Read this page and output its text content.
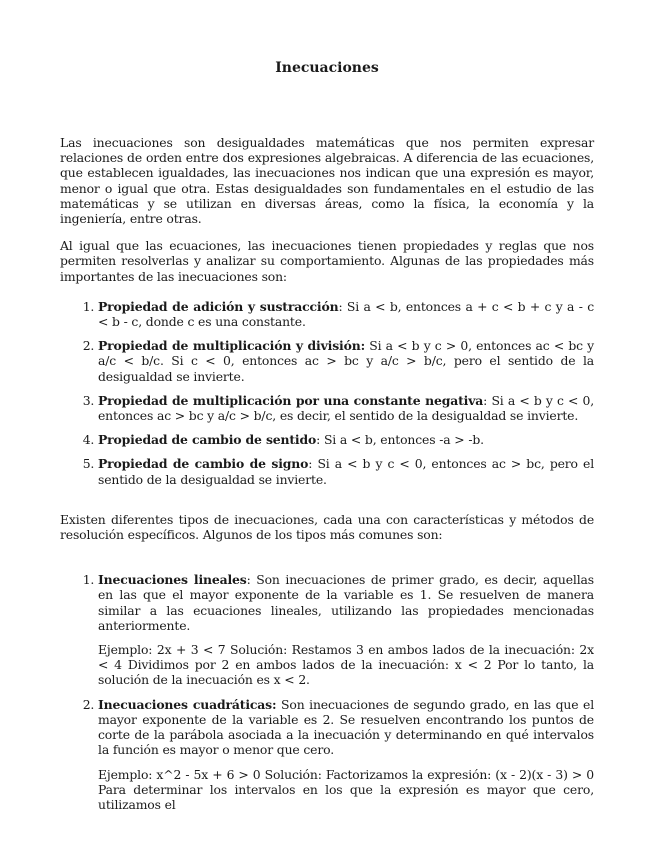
Inecuaciones

Las inecuaciones son desigualdades matemáticas que nos permiten expresar relaciones de orden entre dos expresiones algebraicas. A diferencia de las ecuaciones, que establecen igualdades, las inecuaciones nos indican que una expresión es mayor, menor o igual que otra. Estas desigualdades son fundamentales en el estudio de las matemáticas y se utilizan en diversas áreas, como la física, la economía y la ingeniería, entre otras.

Al igual que las ecuaciones, las inecuaciones tienen propiedades y reglas que nos permiten resolverlas y analizar su comportamiento. Algunas de las propiedades más importantes de las inecuaciones son:

1. Propiedad de adición y sustracción: Si a < b, entonces a + c < b + c y a - c < b - c, donde c es una constante.
2. Propiedad de multiplicación y división: Si a < b y c > 0, entonces ac < bc y a/c < b/c. Si c < 0, entonces ac > bc y a/c > b/c, pero el sentido de la desigualdad se invierte.
3. Propiedad de multiplicación por una constante negativa: Si a < b y c < 0, entonces ac > bc y a/c > b/c, es decir, el sentido de la desigualdad se invierte.
4. Propiedad de cambio de sentido: Si a < b, entonces -a > -b.
5. Propiedad de cambio de signo: Si a < b y c < 0, entonces ac > bc, pero el sentido de la desigualdad se invierte.

Existen diferentes tipos de inecuaciones, cada una con características y métodos de resolución específicos. Algunos de los tipos más comunes son:

1. Inecuaciones lineales: Son inecuaciones de primer grado, es decir, aquellas en las que el mayor exponente de la variable es 1. Se resuelven de manera similar a las ecuaciones lineales, utilizando las propiedades mencionadas anteriormente.

Ejemplo: 2x + 3 < 7 Solución: Restamos 3 en ambos lados de la inecuación: 2x < 4 Dividimos por 2 en ambos lados de la inecuación: x < 2 Por lo tanto, la solución de la inecuación es x < 2.

2. Inecuaciones cuadráticas: Son inecuaciones de segundo grado, en las que el mayor exponente de la variable es 2. Se resuelven encontrando los puntos de corte de la parábola asociada a la inecuación y determinando en qué intervalos la función es mayor o menor que cero.

Ejemplo: x^2 - 5x + 6 > 0 Solución: Factorizamos la expresión: (x - 2)(x - 3) > 0 Para determinar los intervalos en los que la expresión es mayor que cero, utilizamos el
